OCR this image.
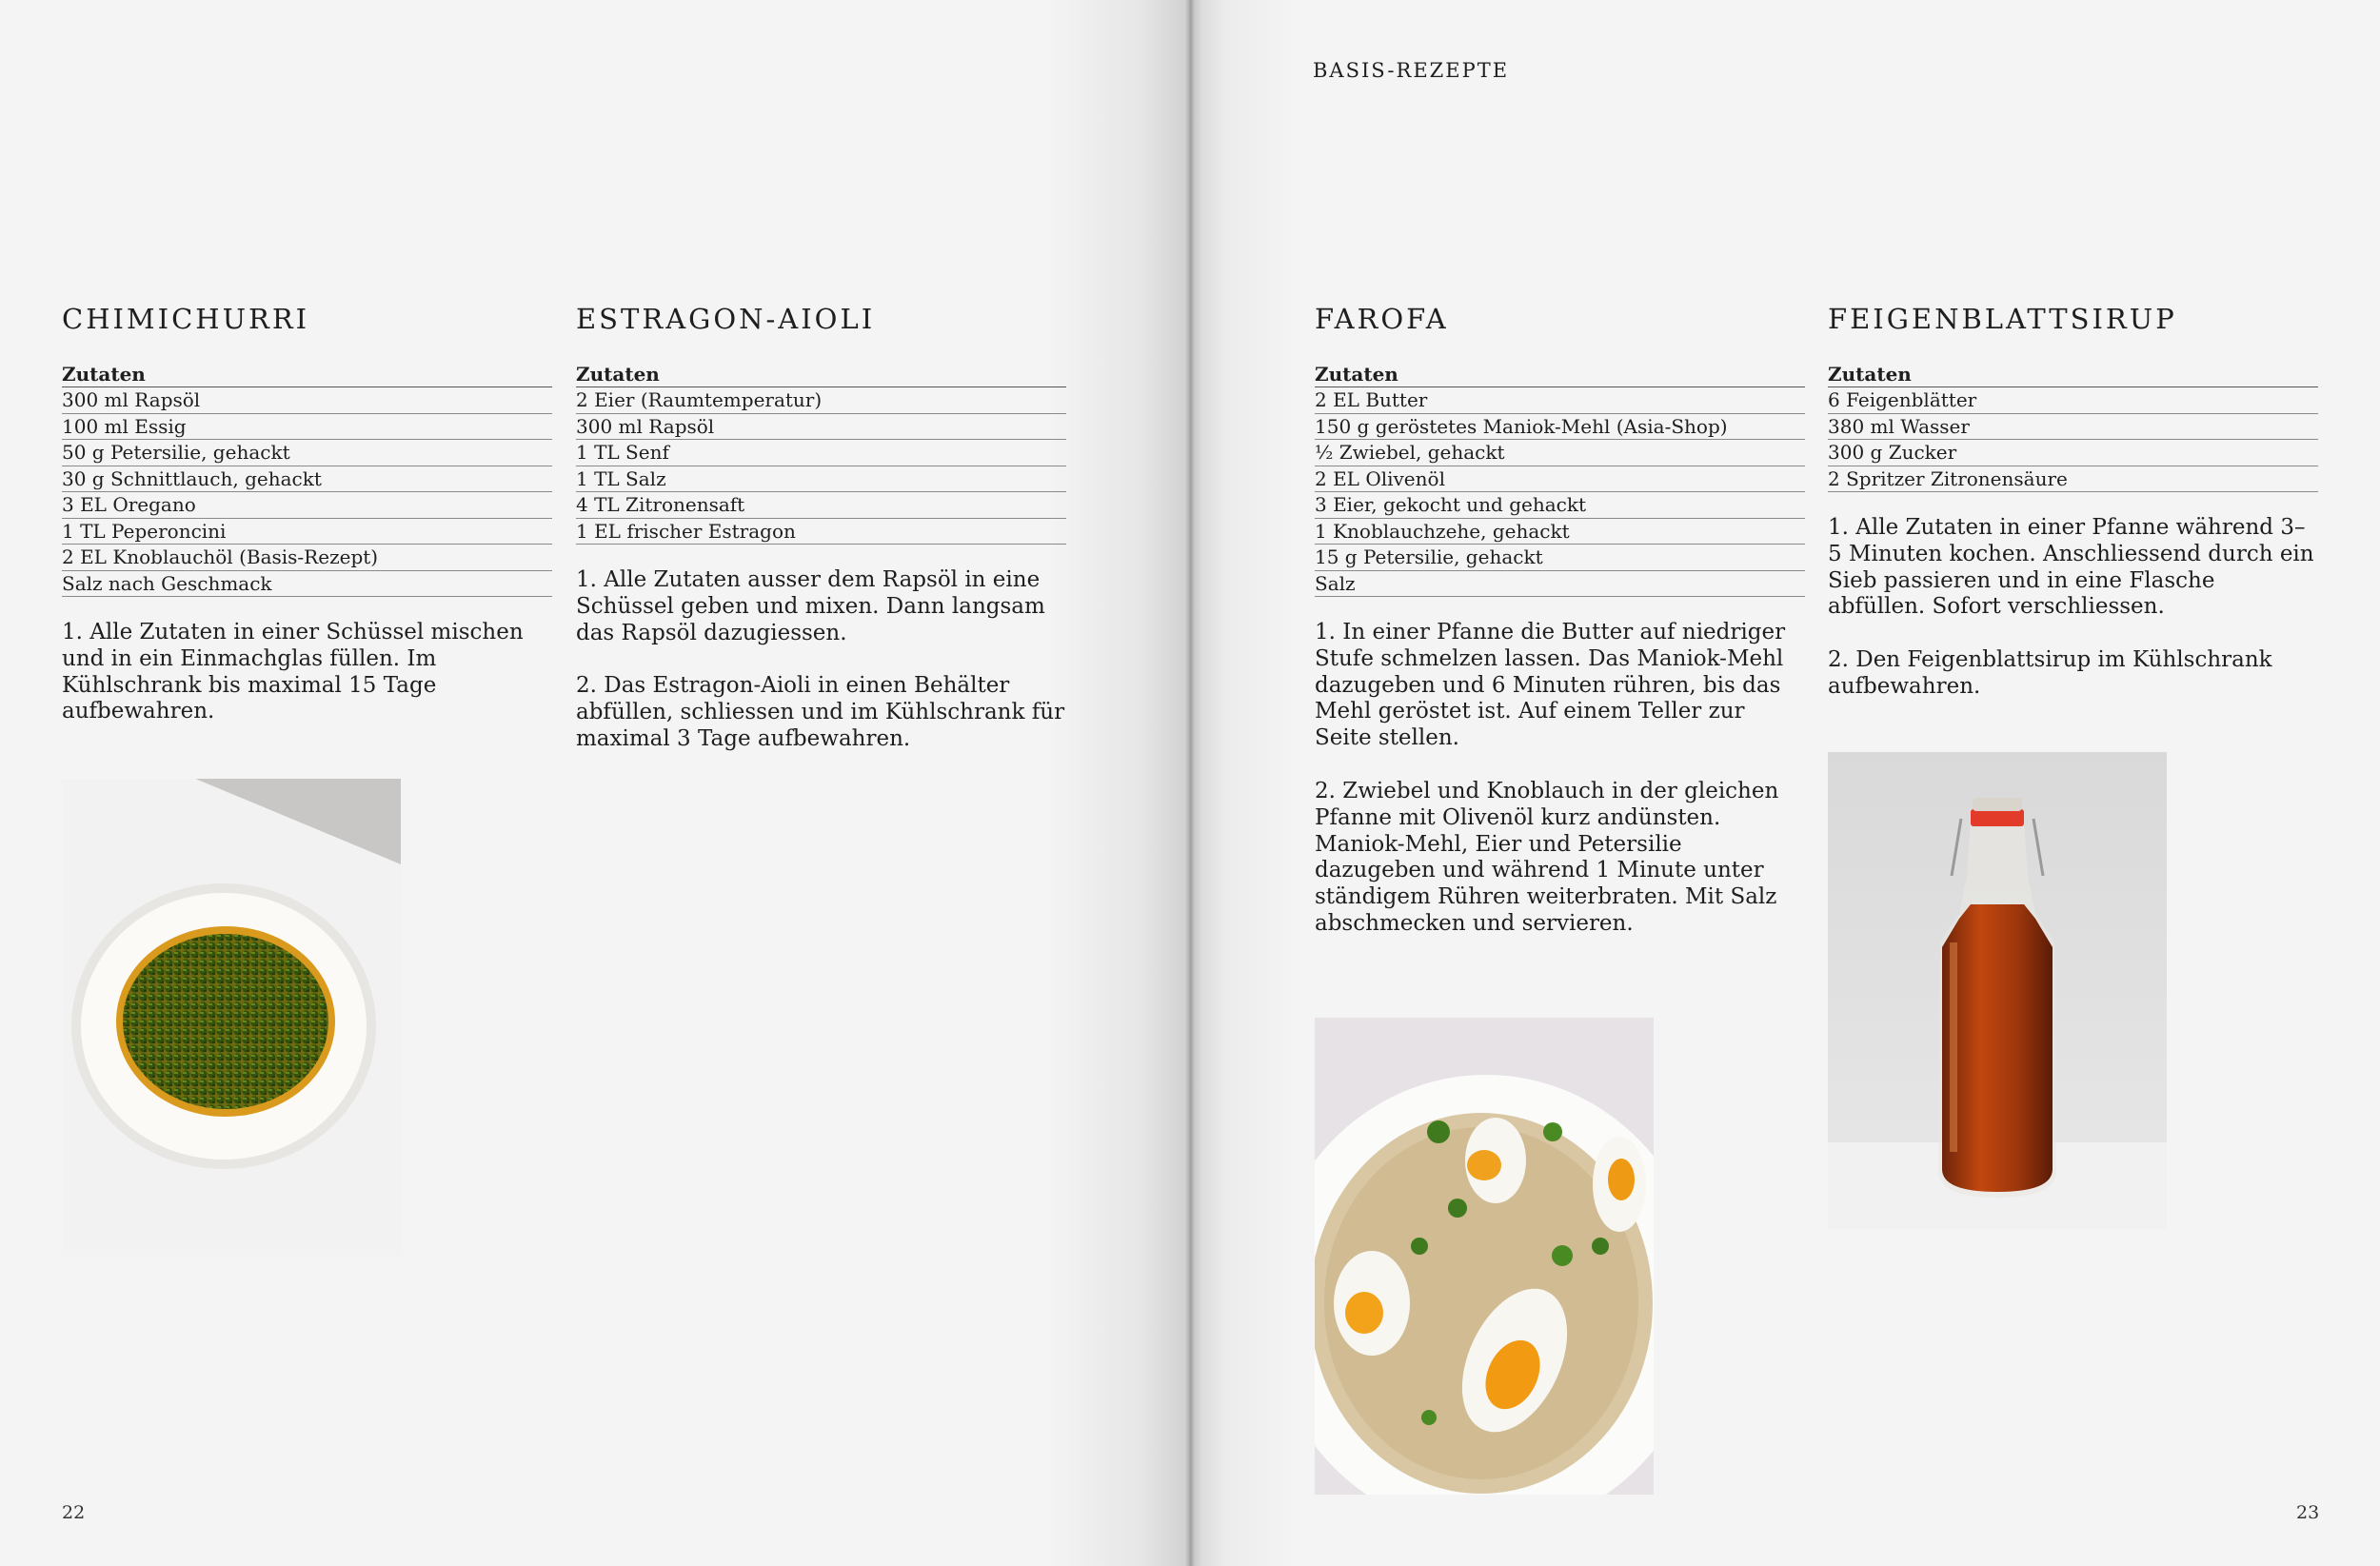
BASIS-REZEPTE
CHIMICHURRI
Zutaten
300 ml Rapsöl
100 ml Essig
50 g Petersilie, gehackt
30 g Schnittlauch, gehackt
3 EL Oregano
1 TL Peperoncini
2 EL Knoblauchöl (Basis-Rezept)
Salz nach Geschmack

1. Alle Zutaten in einer Schüssel mischen und in ein Einmachglas füllen. Im Kühlschrank bis maximal 15 Tage aufbewahren.

ESTRAGON-AIOLI
Zutaten
2 Eier (Raumtemperatur)
300 ml Rapsöl
1 TL Senf
1 TL Salz
4 TL Zitronensaft
1 EL frischer Estragon

1. Alle Zutaten ausser dem Rapsöl in eine Schüssel geben und mixen. Dann langsam das Rapsöl dazugiessen.

2. Das Estragon-Aioli in einen Behälter abfüllen, schliessen und im Kühlschrank für maximal 3 Tage aufbewahren.

FAROFA
Zutaten
2 EL Butter
150 g geröstetes Maniok-Mehl (Asia-Shop)
½ Zwiebel, gehackt
2 EL Olivenöl
3 Eier, gekocht und gehackt
1 Knoblauchzehe, gehackt
15 g Petersilie, gehackt
Salz

1. In einer Pfanne die Butter auf niedriger Stufe schmelzen lassen. Das Maniok-Mehl dazugeben und 6 Minuten rühren, bis das Mehl geröstet ist. Auf einem Teller zur Seite stellen.

2. Zwiebel und Knoblauch in der gleichen Pfanne mit Olivenöl kurz andünsten. Maniok-Mehl, Eier und Petersilie dazugeben und während 1 Minute unter ständigem Rühren weiterbraten. Mit Salz abschmecken und servieren.

FEIGENBLATTSIRUP
Zutaten
6 Feigenblätter
380 ml Wasser
300 g Zucker
2 Spritzer Zitronensäure

1. Alle Zutaten in einer Pfanne während 3–5 Minuten kochen. Anschliessend durch ein Sieb passieren und in eine Flasche abfüllen. Sofort verschliessen.

2. Den Feigenblattsirup im Kühlschrank aufbewahren.

22	23
